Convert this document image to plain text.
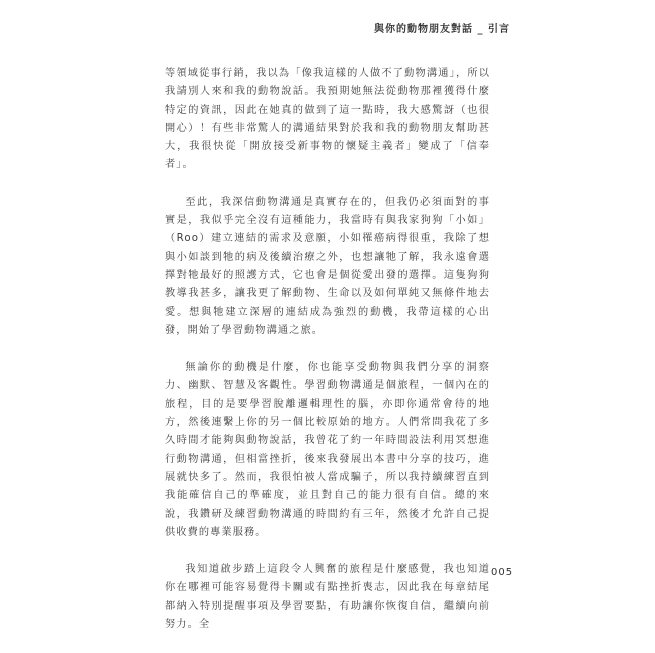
與你的動物朋友對話 _ 引言

等領域從事行銷，我以為「像我這樣的人做不了動物溝通」，所以我請別人來和我的動物說話。我預期她無法從動物那裡獲得什麼特定的資訊，因此在她真的做到了這一點時，我大感驚訝（也很開心）！有些非常驚人的溝通結果對於我和我的動物朋友幫助甚大，我很快從「開放接受新事物的懷疑主義者」變成了「信奉者」。

至此，我深信動物溝通是真實存在的，但我仍必須面對的事實是，我似乎完全沒有這種能力，我當時有與我家狗狗「小如」（Roo）建立連結的需求及意願，小如罹癌病得很重，我除了想與小如談到牠的病及後續治療之外，也想讓牠了解，我永遠會選擇對牠最好的照護方式，它也會是個從愛出發的選擇。這隻狗狗教導我甚多，讓我更了解動物、生命以及如何單純又無條件地去愛。想與牠建立深層的連結成為強烈的動機，我帶這樣的心出發，開始了學習動物溝通之旅。

無論你的動機是什麼，你也能享受動物與我們分享的洞察力、幽默、智慧及客觀性。學習動物溝通是個旅程，一個內在的旅程，目的是要學習脫離邏輯理性的腦，亦即你通常會待的地方，然後連繫上你的另一個比較原始的地方。人們常問我花了多久時間才能夠與動物說話，我曾花了約一年時間設法利用冥想進行動物溝通，但相當挫折，後來我發展出本書中分享的技巧，進展就快多了。然而，我很怕被人當成騙子，所以我持續練習直到我能確信自己的準確度，並且對自己的能力很有自信。總的來說，我鑽研及練習動物溝通的時間約有三年，然後才允許自己提供收費的專業服務。

我知道啟步踏上這段令人興奮的旅程是什麼感覺，我也知道你在哪裡可能容易覺得卡關或有點挫折喪志，因此我在每章結尾都納入特別提醒事項及學習要點，有助讓你恢復自信，繼續向前努力。全

005
